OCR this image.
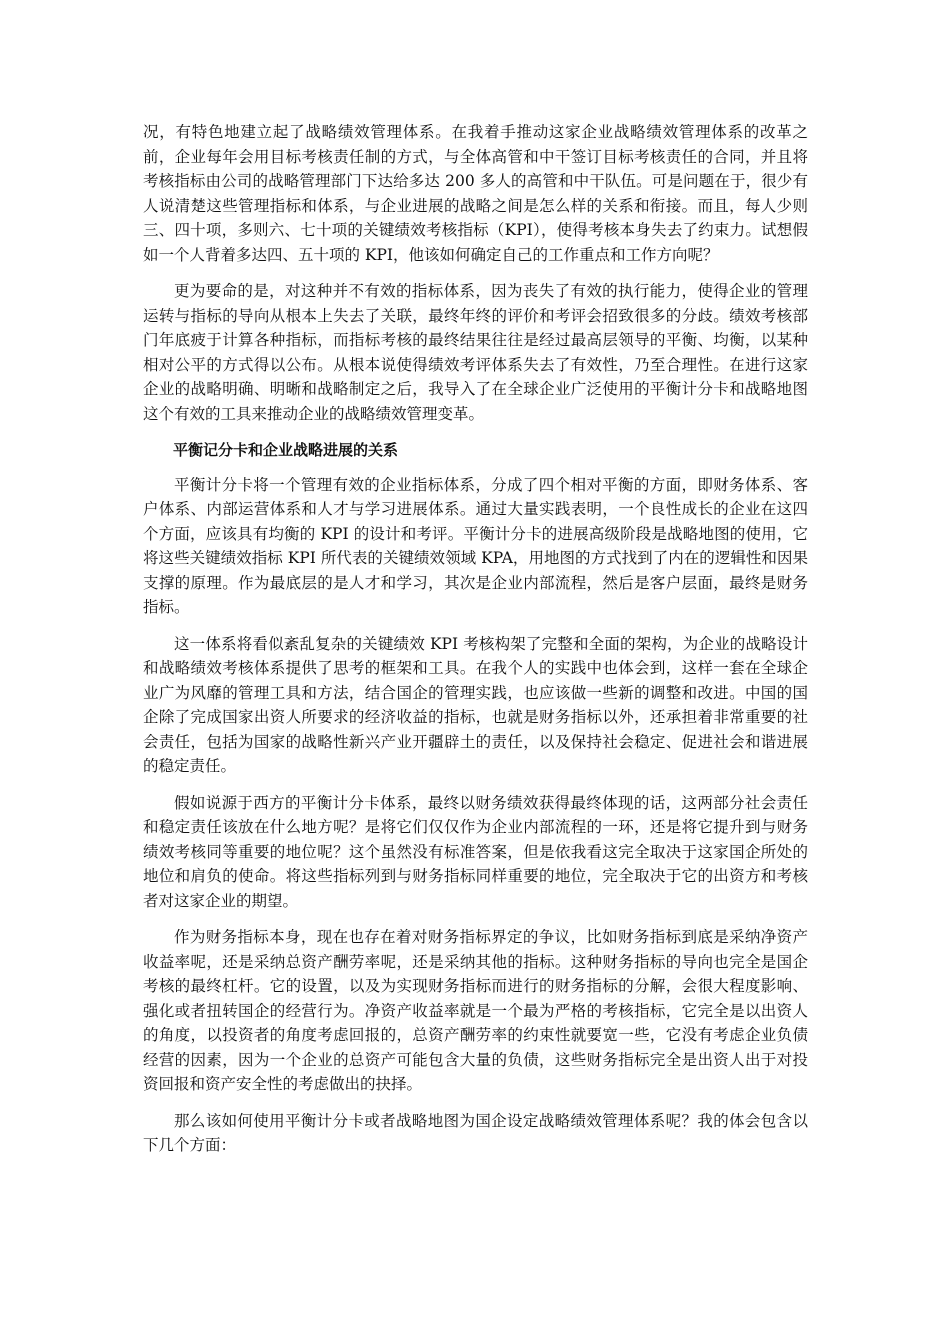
况，有特色地建立起了战略绩效管理体系。在我着手推动这家企业战略绩效管理体系的改革之前，企业每年会用目标考核责任制的方式，与全体高管和中干签订目标考核责任的合同，并且将考核指标由公司的战略管理部门下达给多达 200 多人的高管和中干队伍。可是问题在于，很少有人说清楚这些管理指标和体系，与企业进展的战略之间是怎么样的关系和衔接。而且，每人少则三、四十项，多则六、七十项的关键绩效考核指标（KPI），使得考核本身失去了约束力。试想假如一个人背着多达四、五十项的 KPI，他该如何确定自己的工作重点和工作方向呢？

更为要命的是，对这种并不有效的指标体系，因为丧失了有效的执行能力，使得企业的管理运转与指标的导向从根本上失去了关联，最终年终的评价和考评会招致很多的分歧。绩效考核部门年底疲于计算各种指标，而指标考核的最终结果往往是经过最高层领导的平衡、均衡，以某种相对公平的方式得以公布。从根本说使得绩效考评体系失去了有效性，乃至合理性。在进行这家企业的战略明确、明晰和战略制定之后，我导入了在全球企业广泛使用的平衡计分卡和战略地图这个有效的工具来推动企业的战略绩效管理变革。

平衡记分卡和企业战略进展的关系

平衡计分卡将一个管理有效的企业指标体系，分成了四个相对平衡的方面，即财务体系、客户体系、内部运营体系和人才与学习进展体系。通过大量实践表明，一个良性成长的企业在这四个方面，应该具有均衡的 KPI 的设计和考评。平衡计分卡的进展高级阶段是战略地图的使用，它将这些关键绩效指标 KPI 所代表的关键绩效领域 KPA，用地图的方式找到了内在的逻辑性和因果支撑的原理。作为最底层的是人才和学习，其次是企业内部流程，然后是客户层面，最终是财务指标。

这一体系将看似紊乱复杂的关键绩效 KPI 考核构架了完整和全面的架构，为企业的战略设计和战略绩效考核体系提供了思考的框架和工具。在我个人的实践中也体会到，这样一套在全球企业广为风靡的管理工具和方法，结合国企的管理实践，也应该做一些新的调整和改进。中国的国企除了完成国家出资人所要求的经济收益的指标，也就是财务指标以外，还承担着非常重要的社会责任，包括为国家的战略性新兴产业开疆辟土的责任，以及保持社会稳定、促进社会和谐进展的稳定责任。

假如说源于西方的平衡计分卡体系，最终以财务绩效获得最终体现的话，这两部分社会责任和稳定责任该放在什么地方呢？是将它们仅仅作为企业内部流程的一环，还是将它提升到与财务绩效考核同等重要的地位呢？这个虽然没有标准答案，但是依我看这完全取决于这家国企所处的地位和肩负的使命。将这些指标列到与财务指标同样重要的地位，完全取决于它的出资方和考核者对这家企业的期望。

作为财务指标本身，现在也存在着对财务指标界定的争议，比如财务指标到底是采纳净资产收益率呢，还是采纳总资产酬劳率呢，还是采纳其他的指标。这种财务指标的导向也完全是国企考核的最终杠杆。它的设置，以及为实现财务指标而进行的财务指标的分解，会很大程度影响、强化或者扭转国企的经营行为。净资产收益率就是一个最为严格的考核指标，它完全是以出资人的角度，以投资者的角度考虑回报的，总资产酬劳率的约束性就要宽一些，它没有考虑企业负债经营的因素，因为一个企业的总资产可能包含大量的负债，这些财务指标完全是出资人出于对投资回报和资产安全性的考虑做出的抉择。

那么该如何使用平衡计分卡或者战略地图为国企设定战略绩效管理体系呢？我的体会包含以下几个方面：
